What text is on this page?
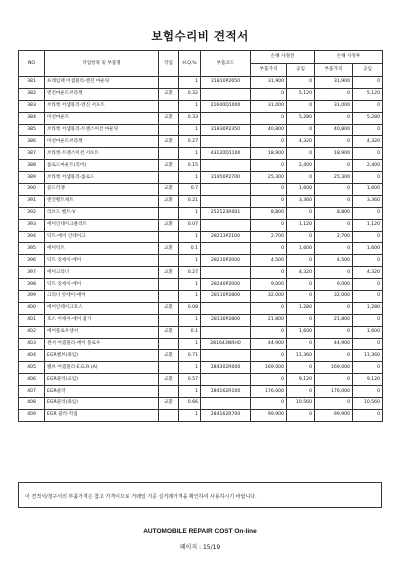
보험수리비 견적서
NO	작업항목 및 부품명	작업	H.Q.%	부품코드	손해 사정전		손해 사정후	
					부품가격	공임	부품가격	공임
381	프레임랙 어셈블리-엔진 마운팅		1	21810P2650	31,900	0	31,900	0
382	엔진마운트브라켓	교환	0.32		0	5,120	0	5,120
383	브라켓 어셈블리-엔진 서포트		1	21600D1000	31,000	0	31,000	0
384	미션마운트	교환	0.33		0	5,280	0	5,280
385	브라켓 어셈블리-트랜스미션 마운팅		1	21830P2350	40,800	0	40,800	0
386	미션마운트브라켓	교환	0.27		0	4,320	0	4,320
387	브라켓-트랜스미션 서포트		1	43120D1100	18,900	0	18,900	0
388	롤로드마운트(리어)	교환	0.15		0	2,400	0	2,400
389	브라켓 어셈블리-롤로드		1	21950P2700	25,300	0	25,300	0
390	콜드러쟁	교환	0.7		0	1,600	0	1,600
391	엔진벨트세트	교환	0.21		0	3,360	0	3,360
392	리브드 벨트-V		1	252123R001	8,800	0	8,800	0
393	에어인테이크클리트	교환	0.07		0	1,120	0	1,120
394	덕트-에어 인테이크		1	28213P2100	2,700	0	2,700	0
395	에어덕트	교환	0.1		0	1,600	0	1,600
396	덕트 앗세이-에어		1	28210P2000	4,500	0	4,500	0
397	에어크리너	교환	0.27		0	4,320	0	4,320
398	덕트 앗세이-에어		1	28240P2000	9,000	0	9,000	0
399	크리너 앗세이-에어		1	28110P2800	32,000	0	32,000	0
400	에어인테이크호스	교환	0.08		0	1,280	0	1,280
401	호스 어세이-에어 흡기		1	28130P2800	21,800	0	21,800	0
402	에어플로우센서	교환	0.1		0	1,600	0	1,600
403	센서 어셈블리-에어 플로우		1	281643NRH0	44,900	0	44,900	0
404	EGR밸브(좌임)	교환	0.71		0	11,360	0	11,360
405	밸브 어셈블리-E.G.R (A)		1	284302R000	169,000	0	169,000	0
406	EGR쿨러(교임)	교환	0.57		0	9,120	0	9,120
407	EGR쿨러		1	284162R100	176,000	0	176,000	0
408	EGR쿨러(좌임)	교환	0.66		0	10,560	0	10,560
409	EGR 쿨러-직접		1	284162R700	99,900	0	99,900	0
이 견적서/청구서의 부품가격은 참고 가격이므로 거래일 기준 실거래가격을 확인하여 사용하시기 바랍니다.
AUTOMOBILE REPAIR COST On-line
페이지 : 15/19
